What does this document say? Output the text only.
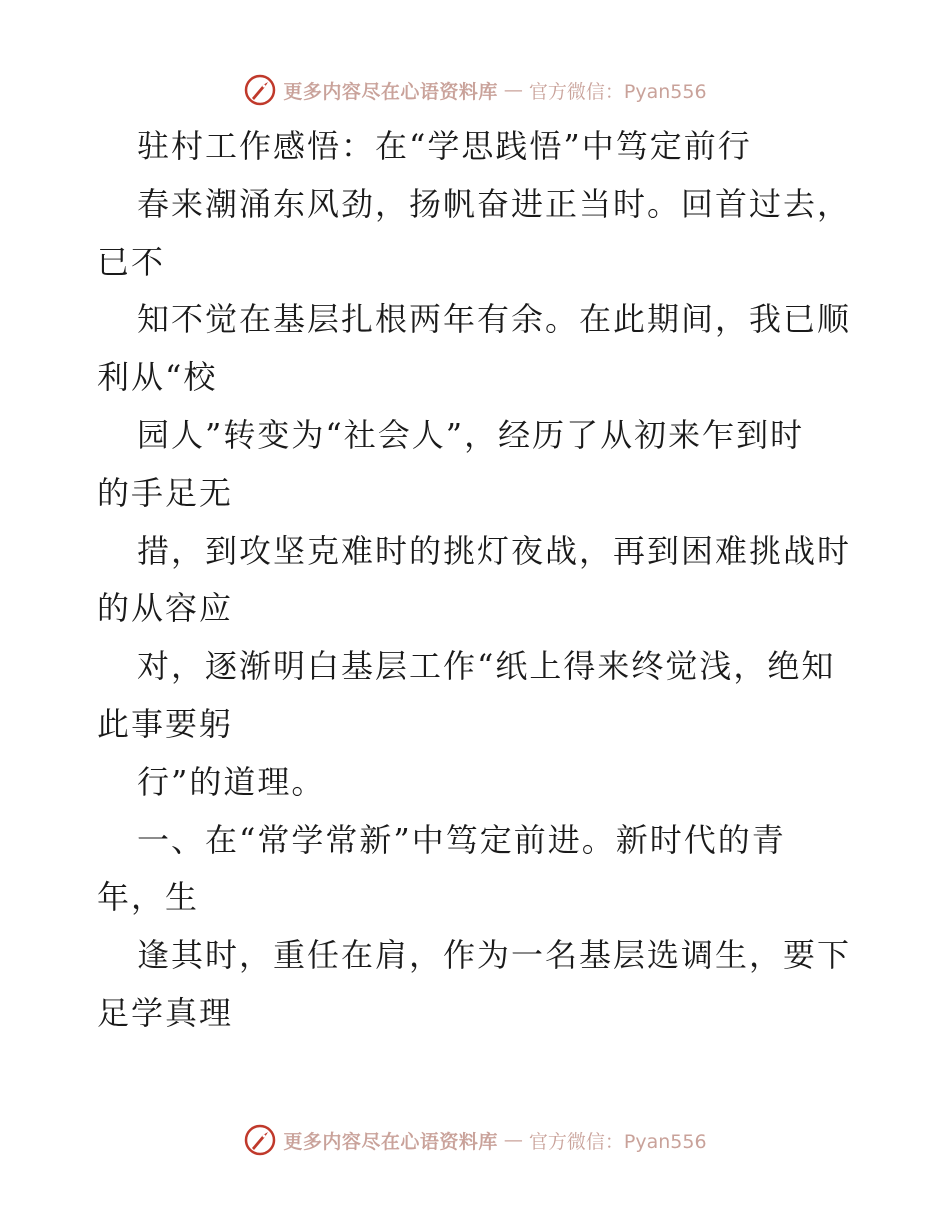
更多内容尽在心语资料库 — 官方微信：Pyan556
驻村工作感悟：在“学思践悟”中笃定前行
春来潮涌东风劲，扬帆奋进正当时。回首过去，
已不
知不觉在基层扎根两年有余。在此期间，我已顺
利从“校
园人”转变为“社会人”，经历了从初来乍到时
的手足无
措，到攻坚克难时的挑灯夜战，再到困难挑战时
的从容应
对，逐渐明白基层工作“纸上得来终觉浅，绝知
此事要躬
行”的道理。
一、在“常学常新”中笃定前进。新时代的青
年，生
逢其时，重任在肩，作为一名基层选调生，要下
足学真理
更多内容尽在心语资料库 — 官方微信：Pyan556
